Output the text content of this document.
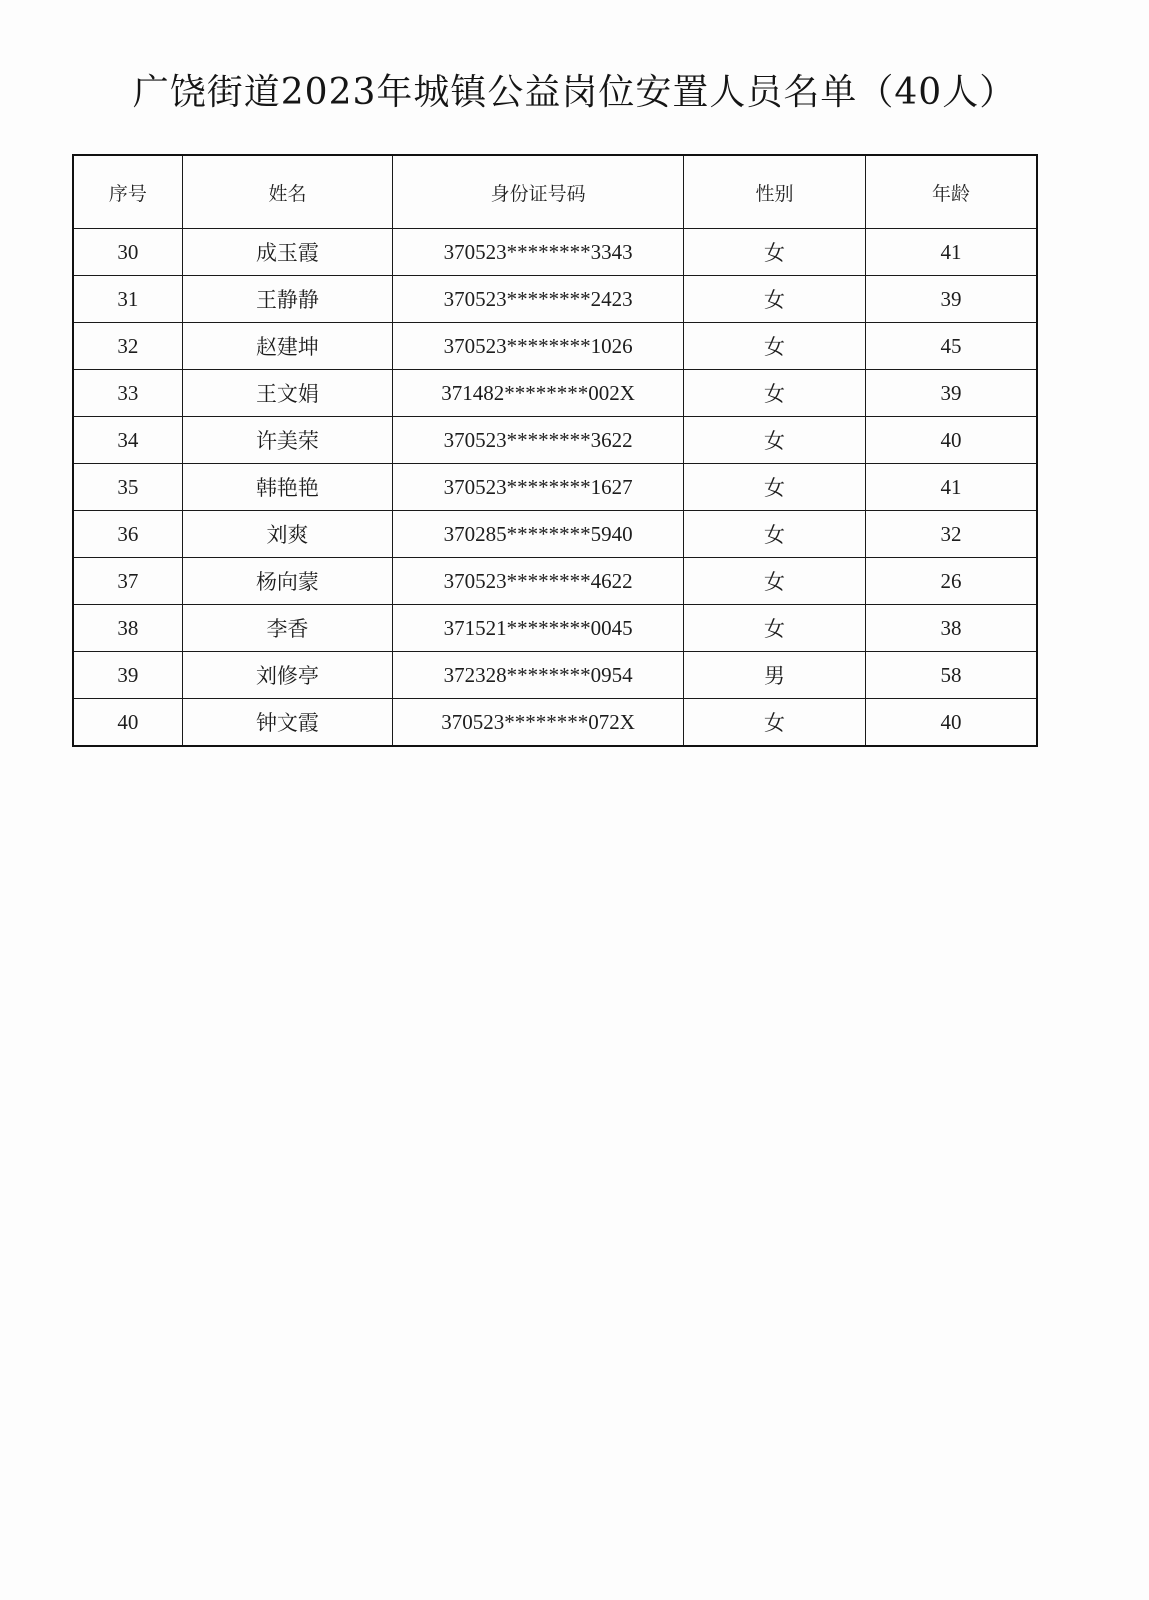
广饶街道2023年城镇公益岗位安置人员名单（40人）
序号	姓名	身份证号码	性别	年龄
30	成玉霞	370523********3343	女	41
31	王静静	370523********2423	女	39
32	赵建坤	370523********1026	女	45
33	王文娟	371482********002X	女	39
34	许美荣	370523********3622	女	40
35	韩艳艳	370523********1627	女	41
36	刘爽	370285********5940	女	32
37	杨向蒙	370523********4622	女	26
38	李香	371521********0045	女	38
39	刘修亭	372328********0954	男	58
40	钟文霞	370523********072X	女	40
